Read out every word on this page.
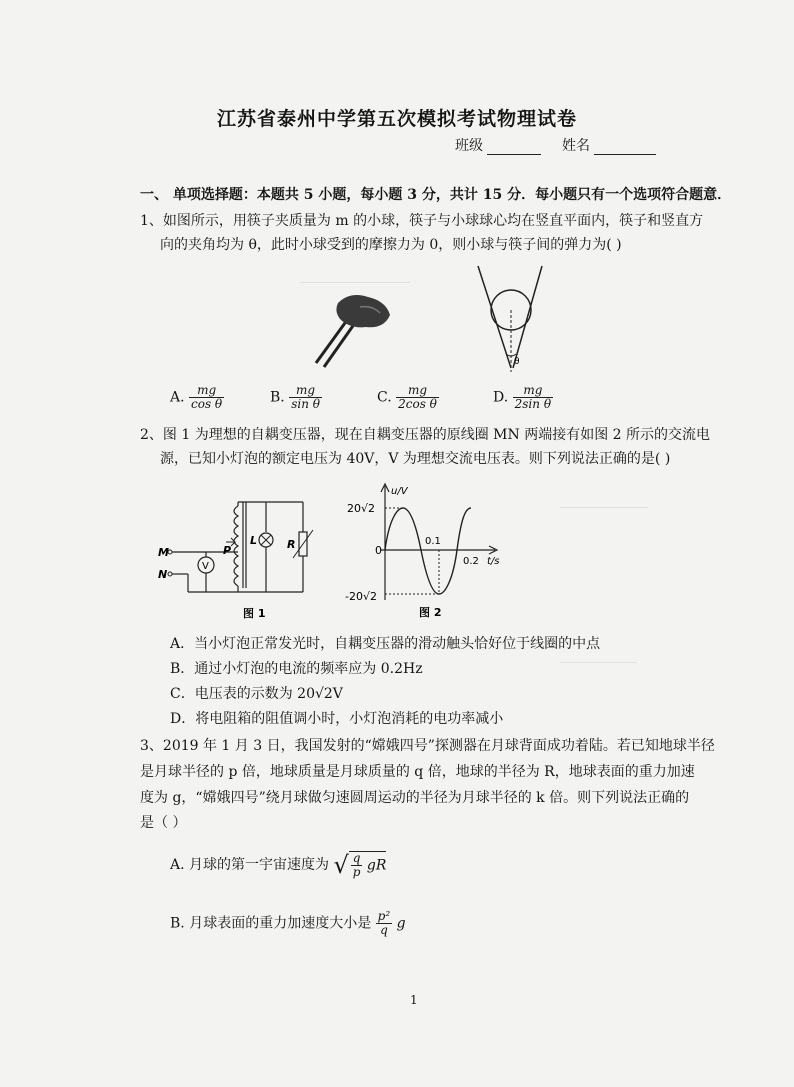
____________________
________________
______________
江苏省泰州中学第五次模拟考试物理试卷
班级	姓名
一、 单项选择题：本题共 5 小题，每小题 3 分，共计 15 分．每小题只有一个选项符合题意．
1、如图所示，用筷子夹质量为 m 的小球，筷子与小球球心均在竖直平面内，筷子和竖直方
向的夹角均为 θ，此时小球受到的摩擦力为 0，则小球与筷子间的弹力为( )
θ
A. $\frac{mg}{\text{cos θ}}$	B. $\frac{mg}{\text{sin θ}}$	C. $\frac{mg}{\text{2cos θ}}$	D. $\frac{mg}{\text{2sin θ}}$
2、图 1 为理想的自耦变压器，现在自耦变压器的原线圈 MN 两端接有如图 2 所示的交流电
源，已知小灯泡的额定电压为 40V，V 为理想交流电压表。则下列说法正确的是( )
M
N
V
P
L	R
图 1
u/V
t/s
20√2
-20√2
0
0.1
0.2
图 2
A．当小灯泡正常发光时，自耦变压器的滑动触头恰好位于线圈的中点
B．通过小灯泡的电流的频率应为 0.2Hz
C．电压表的示数为 20√2V
D．将电阻箱的阻值调小时，小灯泡消耗的电功率减小
3、2019 年 1 月 3 日，我国发射的“嫦娥四号”探测器在月球背面成功着陆。若已知地球半径
是月球半径的 p 倍，地球质量是月球质量的 q 倍，地球的半径为 R，地球表面的重力加速
度为 g，“嫦娥四号”绕月球做匀速圆周运动的半径为月球半径的 k 倍。则下列说法正确的
是（ ）
A. 月球的第一宇宙速度为 √ $\frac{q}{p}$ gR
B. 月球表面的重力加速度大小是 $\frac{\text{p²}}{q}$ g
1
